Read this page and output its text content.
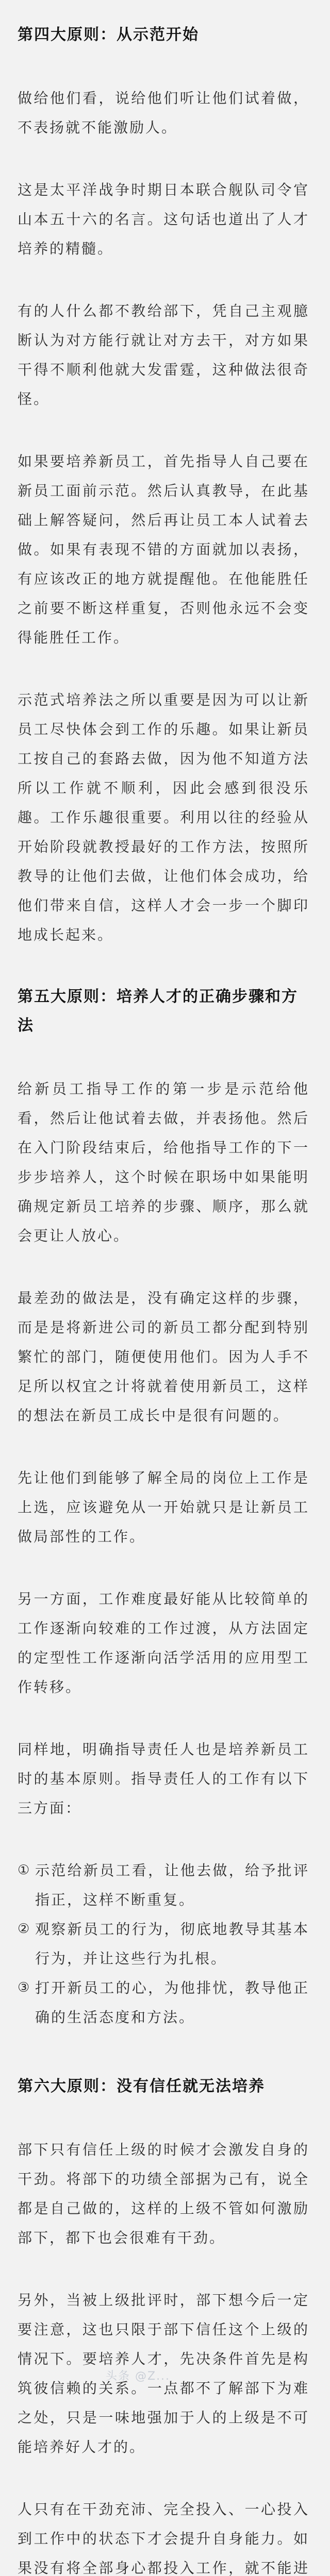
第四大原则：从示范开始

做给他们看，说给他们听让他们试着做，不表扬就不能激励人。

这是太平洋战争时期日本联合舰队司令官山本五十六的名言。这句话也道出了人才培养的精髓。

有的人什么都不教给部下，凭自己主观臆断认为对方能行就让对方去干，对方如果干得不顺利他就大发雷霆，这种做法很奇怪。

如果要培养新员工，首先指导人自己要在新员工面前示范。然后认真教导，在此基础上解答疑问，然后再让员工本人试着去做。如果有表现不错的方面就加以表扬，有应该改正的地方就提醒他。在他能胜任之前要不断这样重复，否则他永远不会变得能胜任工作。

示范式培养法之所以重要是因为可以让新员工尽快体会到工作的乐趣。如果让新员工按自己的套路去做，因为他不知道方法所以工作就不顺利，因此会感到很没乐趣。工作乐趣很重要。利用以往的经验从开始阶段就教授最好的工作方法，按照所教导的让他们去做，让他们体会成功，给他们带来自信，这样人才会一步一个脚印地成长起来。

第五大原则：培养人才的正确步骤和方法

给新员工指导工作的第一步是示范给他看，然后让他试着去做，并表扬他。然后在入门阶段结束后，给他指导工作的下一步步培养人，这个时候在职场中如果能明确规定新员工培养的步骤、顺序，那么就会更让人放心。

最差劲的做法是，没有确定这样的步骤，而是是将新进公司的新员工都分配到特别繁忙的部门，随便使用他们。因为人手不足所以权宜之计将就着使用新员工，这样的想法在新员工成长中是很有问题的。

先让他们到能够了解全局的岗位上工作是上选，应该避免从一开始就只是让新员工做局部性的工作。

另一方面，工作难度最好能从比较简单的工作逐渐向较难的工作过渡，从方法固定的定型性工作逐渐向活学活用的应用型工作转移。

同样地，明确指导责任人也是培养新员工时的基本原则。指导责任人的工作有以下三方面：

① 示范给新员工看，让他去做，给予批评指正，这样不断重复。
② 观察新员工的行为，彻底地教导其基本行为，并让这些行为扎根。
③ 打开新员工的心，为他排忧，教导他正确的生活态度和方法。
第六大原则：没有信任就无法培养

部下只有信任上级的时候才会激发自身的干劲。将部下的功绩全部据为己有，说全都是自己做的，这样的上级不管如何激励部下，都下也会很难有干劲。

另外，当被上级批评时，部下想今后一定要注意，这也只限于部下信任这个上级的情况下。要培养人才，先决条件首先是构筑彼信赖的关系。一点都不了解部下为难之处，只是一味地强加于人的上级是不可能培养好人才的。

人只有在干劲充沛、完全投入、一心投入到工作中的状态下才会提升自身能力。如果没有将全部身心都投入工作，就不能进

头条 @Z...
